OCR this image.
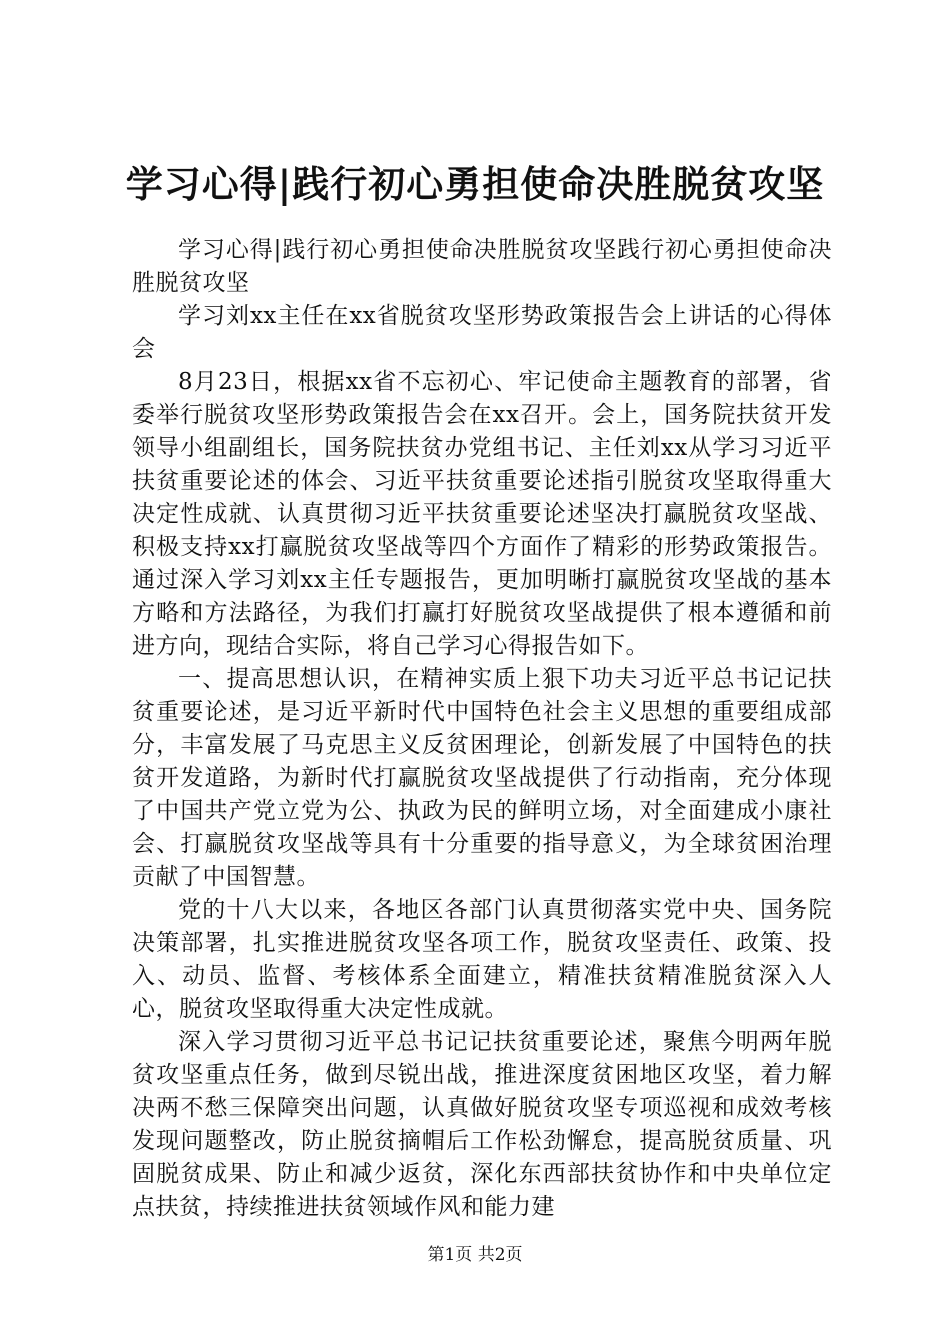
学习心得|践行初心勇担使命决胜脱贫攻坚

学习心得|践行初心勇担使命决胜脱贫攻坚践行初心勇担使命决胜脱贫攻坚

学习刘xx主任在xx省脱贫攻坚形势政策报告会上讲话的心得体会

8月23日，根据xx省不忘初心、牢记使命主题教育的部署，省委举行脱贫攻坚形势政策报告会在xx召开。会上，国务院扶贫开发领导小组副组长，国务院扶贫办党组书记、主任刘xx从学习习近平扶贫重要论述的体会、习近平扶贫重要论述指引脱贫攻坚取得重大决定性成就、认真贯彻习近平扶贫重要论述坚决打赢脱贫攻坚战、积极支持xx打赢脱贫攻坚战等四个方面作了精彩的形势政策报告。通过深入学习刘xx主任专题报告，更加明晰打赢脱贫攻坚战的基本方略和方法路径，为我们打赢打好脱贫攻坚战提供了根本遵循和前进方向，现结合实际，将自己学习心得报告如下。

一、提高思想认识，在精神实质上狠下功夫习近平总书记记扶贫重要论述，是习近平新时代中国特色社会主义思想的重要组成部分，丰富发展了马克思主义反贫困理论，创新发展了中国特色的扶贫开发道路，为新时代打赢脱贫攻坚战提供了行动指南，充分体现了中国共产党立党为公、执政为民的鲜明立场，对全面建成小康社会、打赢脱贫攻坚战等具有十分重要的指导意义，为全球贫困治理贡献了中国智慧。

党的十八大以来，各地区各部门认真贯彻落实党中央、国务院决策部署，扎实推进脱贫攻坚各项工作，脱贫攻坚责任、政策、投入、动员、监督、考核体系全面建立，精准扶贫精准脱贫深入人心，脱贫攻坚取得重大决定性成就。

深入学习贯彻习近平总书记记扶贫重要论述，聚焦今明两年脱贫攻坚重点任务，做到尽锐出战，推进深度贫困地区攻坚，着力解决两不愁三保障突出问题，认真做好脱贫攻坚专项巡视和成效考核发现问题整改，防止脱贫摘帽后工作松劲懈怠，提高脱贫质量、巩固脱贫成果、防止和减少返贫，深化东西部扶贫协作和中央单位定点扶贫，持续推进扶贫领域作风和能力建

第1页 共2页
